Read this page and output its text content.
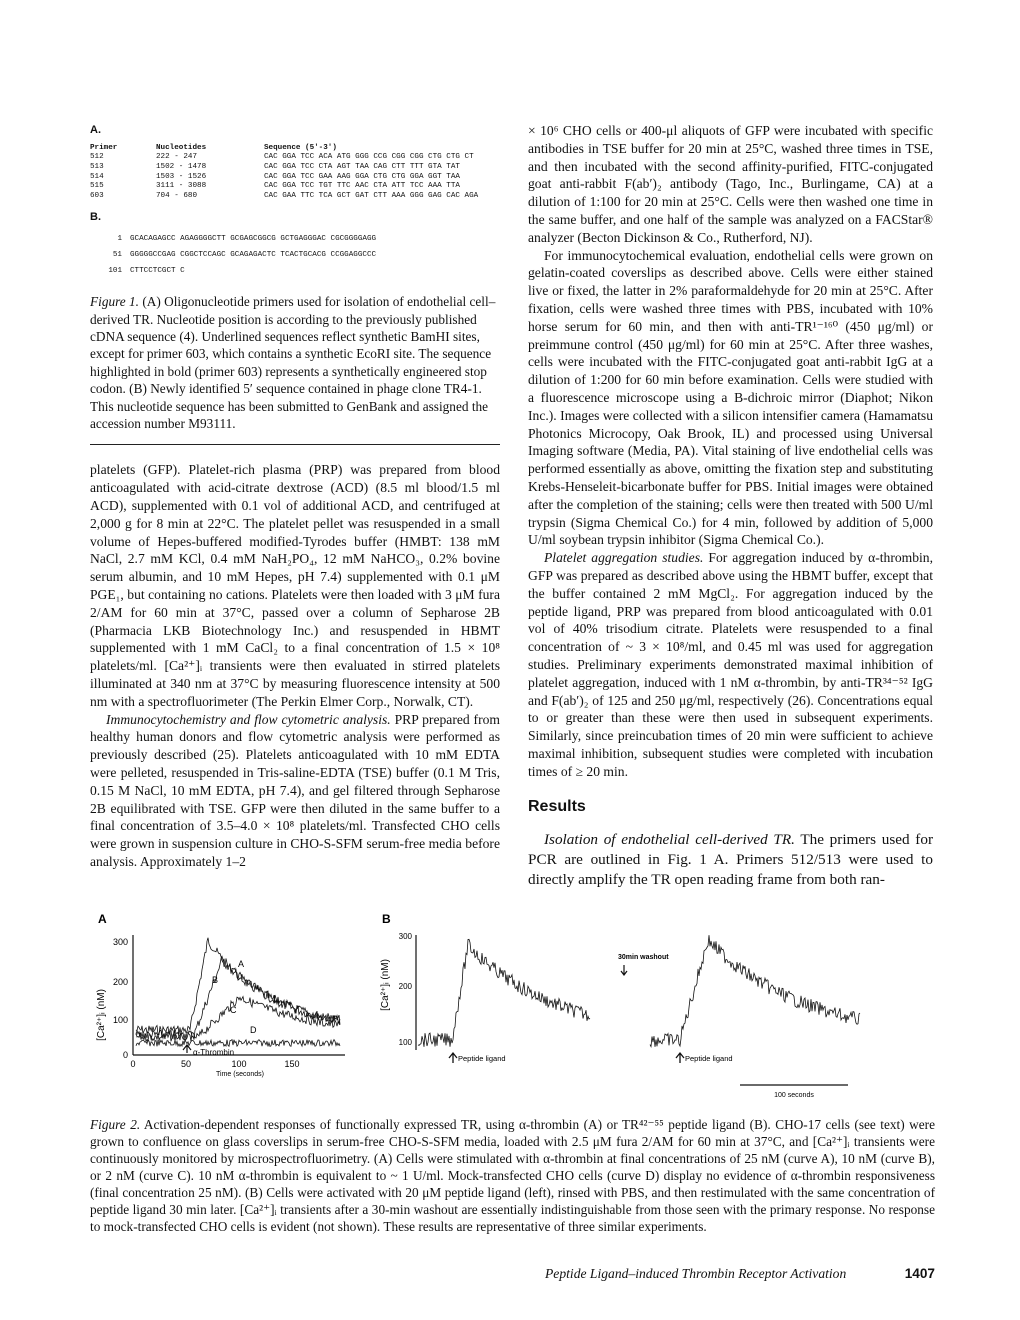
A.
Primer	Nucleotides	Sequence (5'-3')
512	222 - 247	CAC GGA TCC ACA ATG GGG CCG CGG CGG CTG CTG CT
513	1502 - 1478	CAC GGA TCC CTA AGT TAA CAG CTT TTT GTA TAT
514	1503 - 1526	CAC GGA TCC GAA AAG GGA CTG CTG GGA GGT TAA
515	3111 - 3088	CAC GGA TCC TGT TTC AAC CTA ATT TCC AAA TTA
603	704 - 680	CAC GAA TTC TCA GCT GAT CTT AAA GGG GAG CAC AGA
B.
1 GCACAGAGCC AGAGGGGCTT GCGAGCGGCG GCTGAGGGAC CGCGGGGAGG
51 GGGGGCCGAG CGGCTCCAGC GCAGAGACTC TCACTGCACG CCGGAGGCCC
101 CTTCCTCGCT C
Figure 1. (A) Oligonucleotide primers used for isolation of endothelial cell–derived TR. Nucleotide position is according to the previously published cDNA sequence (4). Underlined sequences reflect synthetic BamHI sites, except for primer 603, which contains a synthetic EcoRI site. The sequence highlighted in bold (primer 603) represents a synthetically engineered stop codon. (B) Newly identified 5′ sequence contained in phage clone TR4-1. This nucleotide sequence has been submitted to GenBank and assigned the accession number M93111.

platelets (GFP). Platelet-rich plasma (PRP) was prepared from blood anticoagulated with acid-citrate dextrose (ACD) (8.5 ml blood/1.5 ml ACD), supplemented with 0.1 vol of additional ACD, and centrifuged at 2,000 g for 8 min at 22°C. The platelet pellet was resuspended in a small volume of Hepes-buffered modified-Tyrodes buffer (HMBT: 138 mM NaCl, 2.7 mM KCl, 0.4 mM NaH₂PO₄, 12 mM NaHCO₃, 0.2% bovine serum albumin, and 10 mM Hepes, pH 7.4) supplemented with 0.1 μM PGE₁, but containing no cations. Platelets were then loaded with 3 μM fura 2/AM for 60 min at 37°C, passed over a column of Sepharose 2B (Pharmacia LKB Biotechnology Inc.) and resuspended in HBMT supplemented with 1 mM CaCl₂ to a final concentration of 1.5 × 10⁸ platelets/ml. [Ca²⁺]ᵢ transients were then evaluated in stirred platelets illuminated at 340 nm at 37°C by measuring fluorescence intensity at 500 nm with a spectrofluorimeter (The Perkin Elmer Corp., Norwalk, CT).

Immunocytochemistry and flow cytometric analysis. PRP prepared from healthy human donors and flow cytometric analysis were performed as previously described (25). Platelets anticoagulated with 10 mM EDTA were pelleted, resuspended in Tris-saline-EDTA (TSE) buffer (0.1 M Tris, 0.15 M NaCl, 10 mM EDTA, pH 7.4), and gel filtered through Sepharose 2B equilibrated with TSE. GFP were then diluted in the same buffer to a final concentration of 3.5–4.0 × 10⁸ platelets/ml. Transfected CHO cells were grown in suspension culture in CHO-S-SFM serum-free media before analysis. Approximately 1–2

× 10⁶ CHO cells or 400-μl aliquots of GFP were incubated with specific antibodies in TSE buffer for 20 min at 25°C, washed three times in TSE, and then incubated with the second affinity-purified, FITC-conjugated goat anti-rabbit F(ab′)₂ antibody (Tago, Inc., Burlingame, CA) at a dilution of 1:100 for 20 min at 25°C. Cells were then washed one time in the same buffer, and one half of the sample was analyzed on a FACStar® analyzer (Becton Dickinson & Co., Rutherford, NJ).

For immunocytochemical evaluation, endothelial cells were grown on gelatin-coated coverslips as described above. Cells were either stained live or fixed, the latter in 2% paraformaldehyde for 20 min at 25°C. After fixation, cells were washed three times with PBS, incubated with 10% horse serum for 60 min, and then with anti-TR¹⁻¹⁶⁰ (450 μg/ml) or preimmune control (450 μg/ml) for 60 min at 25°C. After three washes, cells were incubated with the FITC-conjugated goat anti-rabbit IgG at a dilution of 1:200 for 60 min before examination. Cells were studied with a fluorescence microscope using a B-dichroic mirror (Diaphot; Nikon Inc.). Images were collected with a silicon intensifier camera (Hamamatsu Photonics Microcopy, Oak Brook, IL) and processed using Universal Imaging software (Media, PA). Vital staining of live endothelial cells was performed essentially as above, omitting the fixation step and substituting Krebs-Henseleit-bicarbonate buffer for PBS. Initial images were obtained after the completion of the staining; cells were then treated with 500 U/ml trypsin (Sigma Chemical Co.) for 4 min, followed by addition of 5,000 U/ml soybean trypsin inhibitor (Sigma Chemical Co.).

Platelet aggregation studies. For aggregation induced by α-thrombin, GFP was prepared as described above using the HBMT buffer, except that the buffer contained 2 mM MgCl₂. For aggregation induced by the peptide ligand, PRP was prepared from blood anticoagulated with 0.01 vol of 40% trisodium citrate. Platelets were resuspended to a final concentration of ~ 3 × 10⁸/ml, and 0.45 ml was used for aggregation studies. Preliminary experiments demonstrated maximal inhibition of platelet aggregation, induced with 1 nM α-thrombin, by anti-TR³⁴⁻⁵² IgG and F(ab′)₂ of 125 and 250 μg/ml, respectively (26). Concentrations equal to or greater than these were then used in subsequent experiments. Similarly, since preincubation times of 20 min were sufficient to achieve maximal inhibition, subsequent studies were completed with incubation times of ≥ 20 min.

Results

Isolation of endothelial cell-derived TR. The primers used for PCR are outlined in Fig. 1 A. Primers 512/513 were used to directly amplify the TR open reading frame from both ran-

A
[Ca²⁺]ᵢ (nM)
300
200
100
0
0	50	100	150
Time (seconds)
A
B
C
D
α-Thrombin
B
[Ca²⁺]ᵢ (nM)
300
200
100
Peptide ligand	Peptide ligand
30min washout
100 seconds
Figure 2. Activation-dependent responses of functionally expressed TR, using α-thrombin (A) or TR⁴²⁻⁵⁵ peptide ligand (B). CHO-17 cells (see text) were grown to confluence on glass coverslips in serum-free CHO-S-SFM media, loaded with 2.5 μM fura 2/AM for 60 min at 37°C, and [Ca²⁺]ᵢ transients were continuously monitored by microspectrofluorimetry. (A) Cells were stimulated with α-thrombin at final concentrations of 25 nM (curve A), 10 nM (curve B), or 2 nM (curve C). 10 nM α-thrombin is equivalent to ~ 1 U/ml. Mock-transfected CHO cells (curve D) display no evidence of α-thrombin responsiveness (final concentration 25 nM). (B) Cells were activated with 20 μM peptide ligand (left), rinsed with PBS, and then restimulated with the same concentration of peptide ligand 30 min later. [Ca²⁺]ᵢ transients after a 30-min washout are essentially indistinguishable from those seen with the primary response. No response to mock-transfected CHO cells is evident (not shown). These results are representative of three similar experiments.
Peptide Ligand–induced Thrombin Receptor Activation	1407
